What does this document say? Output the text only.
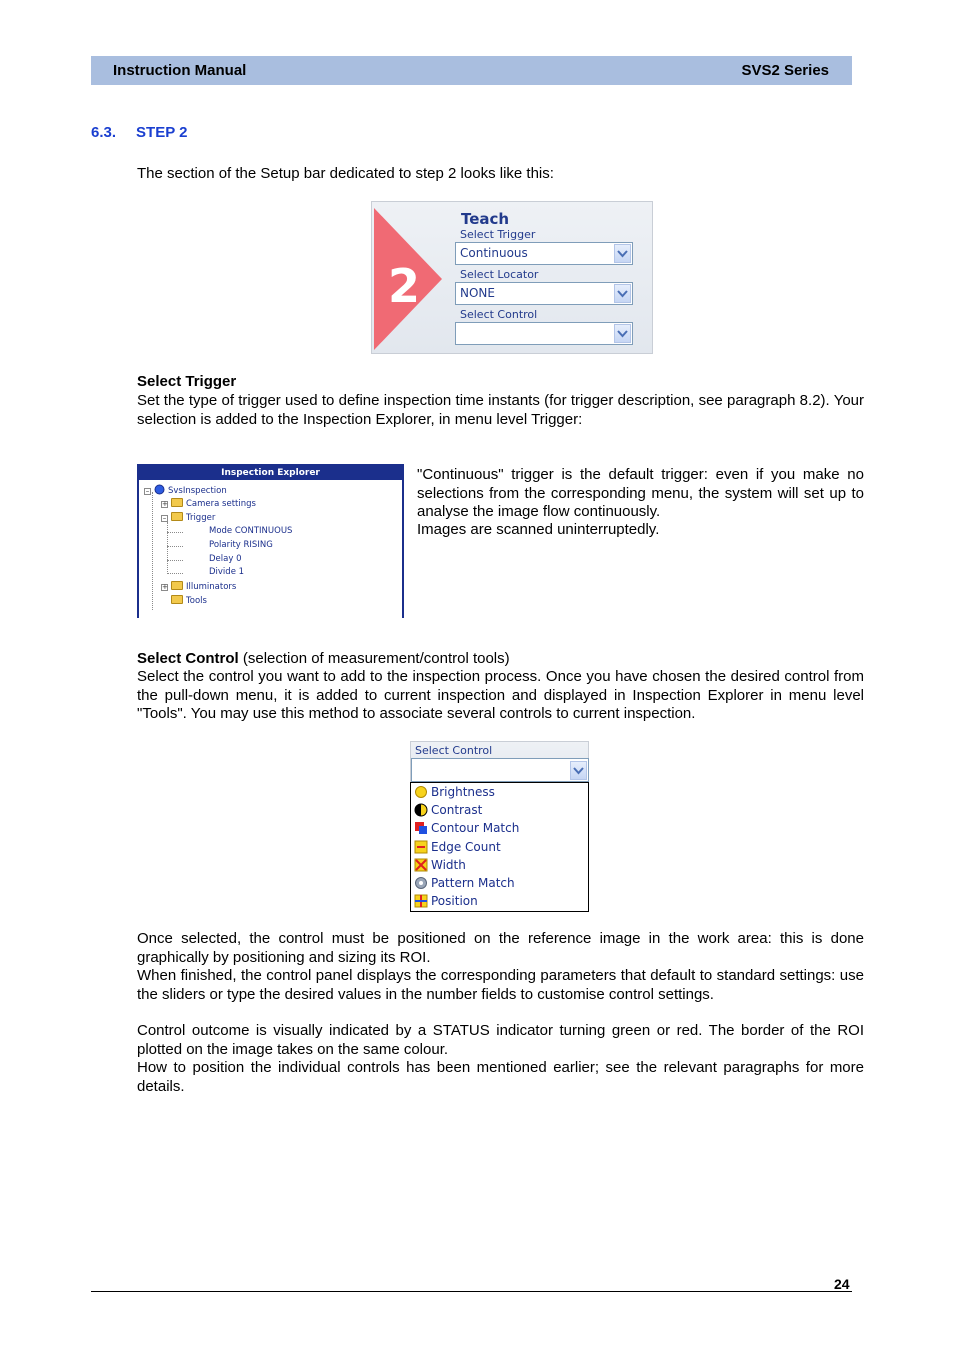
Instruction Manual	SVS2 Series
6.3. STEP 2
The section of the Setup bar dedicated to step 2 looks like this:
2
Teach
Select Trigger
Continuous
Select Locator
NONE
Select Control
Select Trigger
Set the type of trigger used to define inspection time instants (for trigger description, see paragraph 8.2). Your selection is added to the Inspection Explorer, in menu level Trigger:
Inspection Explorer
– SvsInspection
+ Camera settings
– Trigger
Mode CONTINUOUS
Polarity RISING
Delay 0
Divide 1
+ Illuminators
Tools
"Continuous" trigger is the default trigger: even if you make no selections from the corresponding menu, the system will set up to analyse the image flow continuously.
Images are scanned uninterruptedly.
Select Control (selection of measurement/control tools)
Select the control you want to add to the inspection process. Once you have chosen the desired control from the pull-down menu, it is added to current inspection and displayed in Inspection Explorer in menu level "Tools". You may use this method to associate several controls to current inspection.
Select Control
Brightness
Contrast
Contour Match
Edge Count
Width
Pattern Match
Position
Once selected, the control must be positioned on the reference image in the work area: this is done graphically by positioning and sizing its ROI.
When finished, the control panel displays the corresponding parameters that default to standard settings: use the sliders or type the desired values in the number fields to customise control settings.
Control outcome is visually indicated by a STATUS indicator turning green or red. The border of the ROI plotted on the image takes on the same colour.
How to position the individual controls has been mentioned earlier; see the relevant paragraphs for more details.
24
